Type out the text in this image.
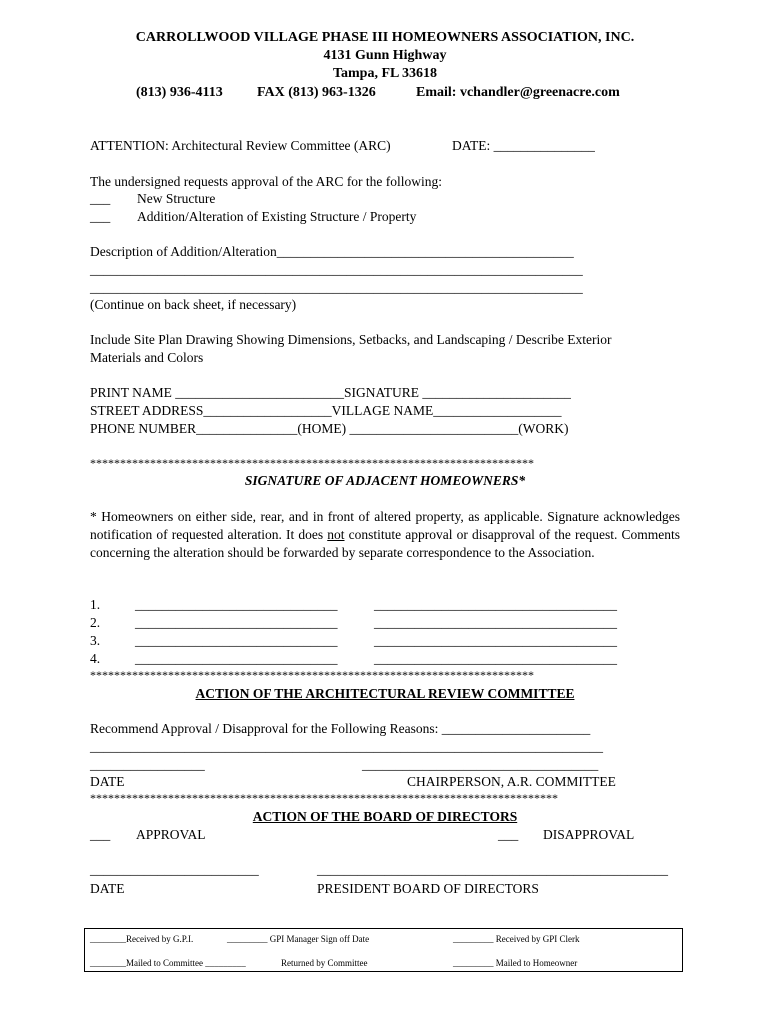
CARROLLWOOD VILLAGE PHASE III HOMEOWNERS ASSOCIATION, INC.
4131 Gunn Highway
Tampa, FL 33618
(813) 936-4113 FAX (813) 963-1326	Email: vchandler@greenacre.com
ATTENTION: Architectural Review Committee (ARC)	DATE: _______________
The undersigned requests approval of the ARC for the following:
___ New Structure
___ Addition/Alteration of Existing Structure / Property
Description of Addition/Alteration____________________________________________
_________________________________________________________________________
_________________________________________________________________________
(Continue on back sheet, if necessary)
Include Site Plan Drawing Showing Dimensions, Setbacks, and Landscaping / Describe Exterior
Materials and Colors
PRINT NAME _________________________SIGNATURE ______________________
STREET ADDRESS___________________VILLAGE NAME___________________
PHONE NUMBER_______________(HOME) _________________________(WORK)
**************************************************************************
SIGNATURE OF ADJACENT HOMEOWNERS*
* Homeowners on either side, rear, and in front of altered property, as applicable. Signature acknowledges notification of requested alteration. It does not constitute approval or disapproval of the request. Comments concerning the alteration should be forwarded by separate correspondence to the Association.
1.	______________________________	____________________________________
2.	______________________________	____________________________________
3.	______________________________	____________________________________
4.	______________________________	____________________________________
**************************************************************************
ACTION OF THE ARCHITECTURAL REVIEW COMMITTEE
Recommend Approval / Disapproval for the Following Reasons: ______________________
____________________________________________________________________________
_________________	___________________________________
DATE	CHAIRPERSON, A.R. COMMITTEE
******************************************************************************
ACTION OF THE BOARD OF DIRECTORS
___ APPROVAL	___ DISAPPROVAL
_________________________	____________________________________________________
DATE	PRESIDENT BOARD OF DIRECTORS
________Received by G.P.I.	_________ GPI Manager Sign off Date	_________ Received by GPI Clerk
________Mailed to Committee _________	Returned by Committee	_________ Mailed to Homeowner
